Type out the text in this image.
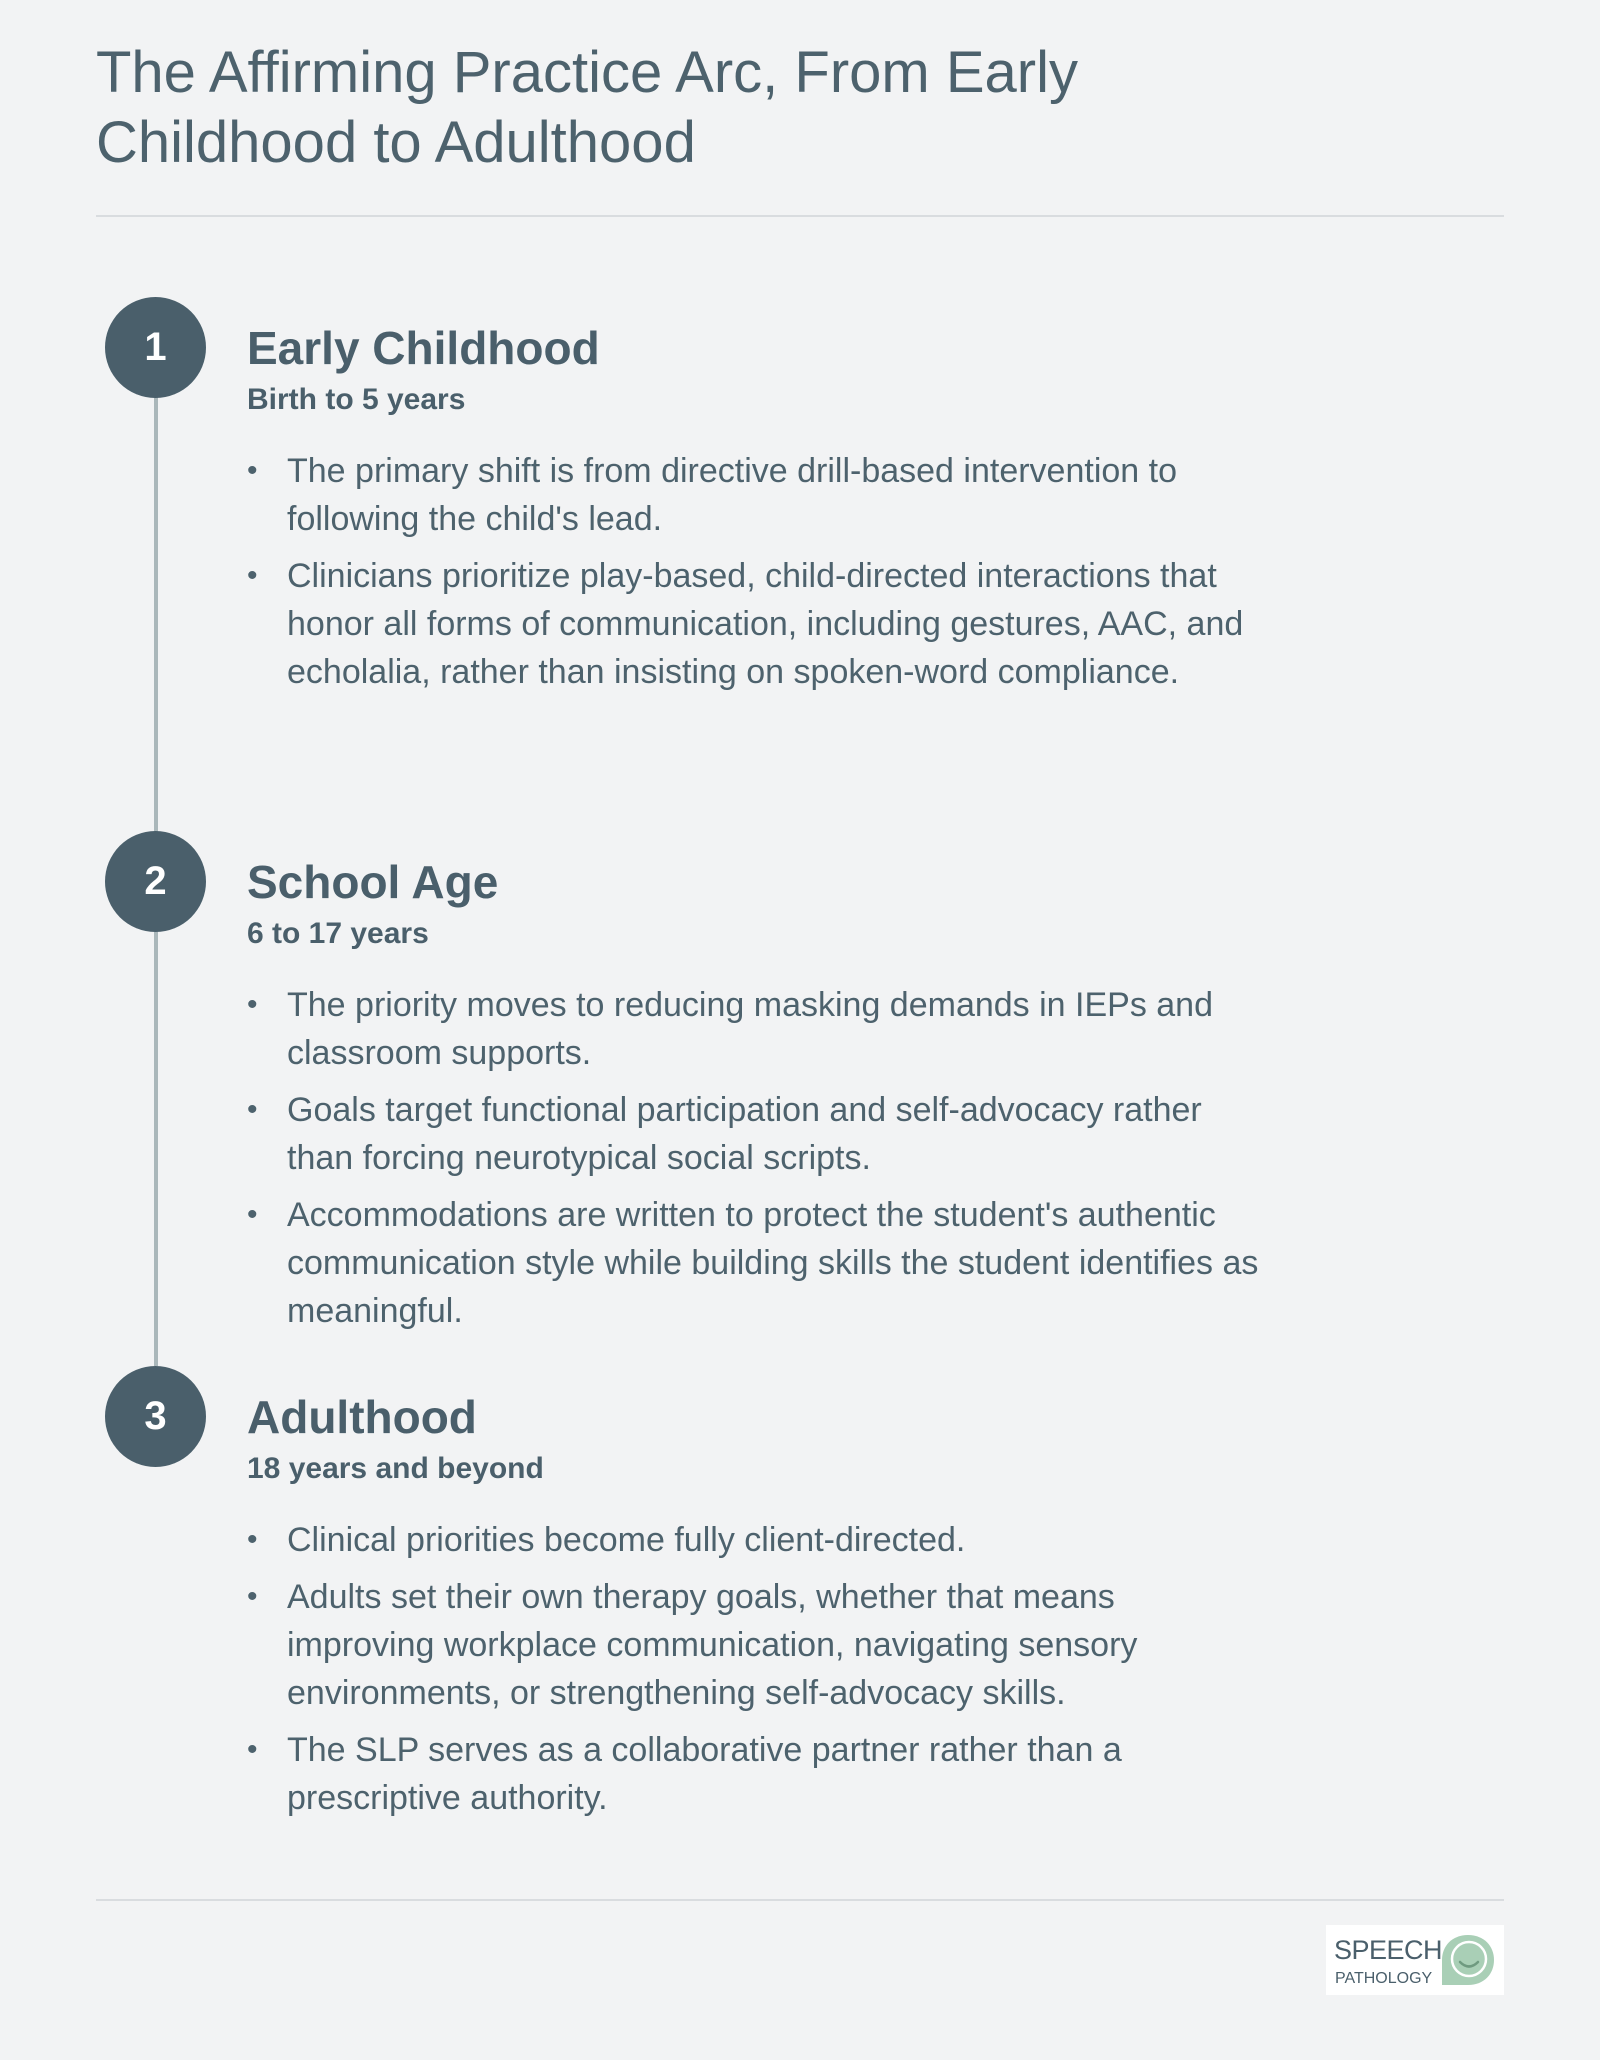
The Affirming Practice Arc, From Early Childhood to Adulthood
1	Early Childhood
Birth to 5 years
• The primary shift is from directive drill-based intervention to following the child's lead.
• Clinicians prioritize play-based, child-directed interactions that honor all forms of communication, including gestures, AAC, and echolalia, rather than insisting on spoken-word compliance.
2	School Age
6 to 17 years
• The priority moves to reducing masking demands in IEPs and classroom supports.
• Goals target functional participation and self-advocacy rather than forcing neurotypical social scripts.
• Accommodations are written to protect the student's authentic communication style while building skills the student identifies as meaningful.
3	Adulthood
18 years and beyond
• Clinical priorities become fully client-directed.
• Adults set their own therapy goals, whether that means improving workplace communication, navigating sensory environments, or strengthening self-advocacy skills.
• The SLP serves as a collaborative partner rather than a prescriptive authority.
SPEECH
PATHOLOGY
